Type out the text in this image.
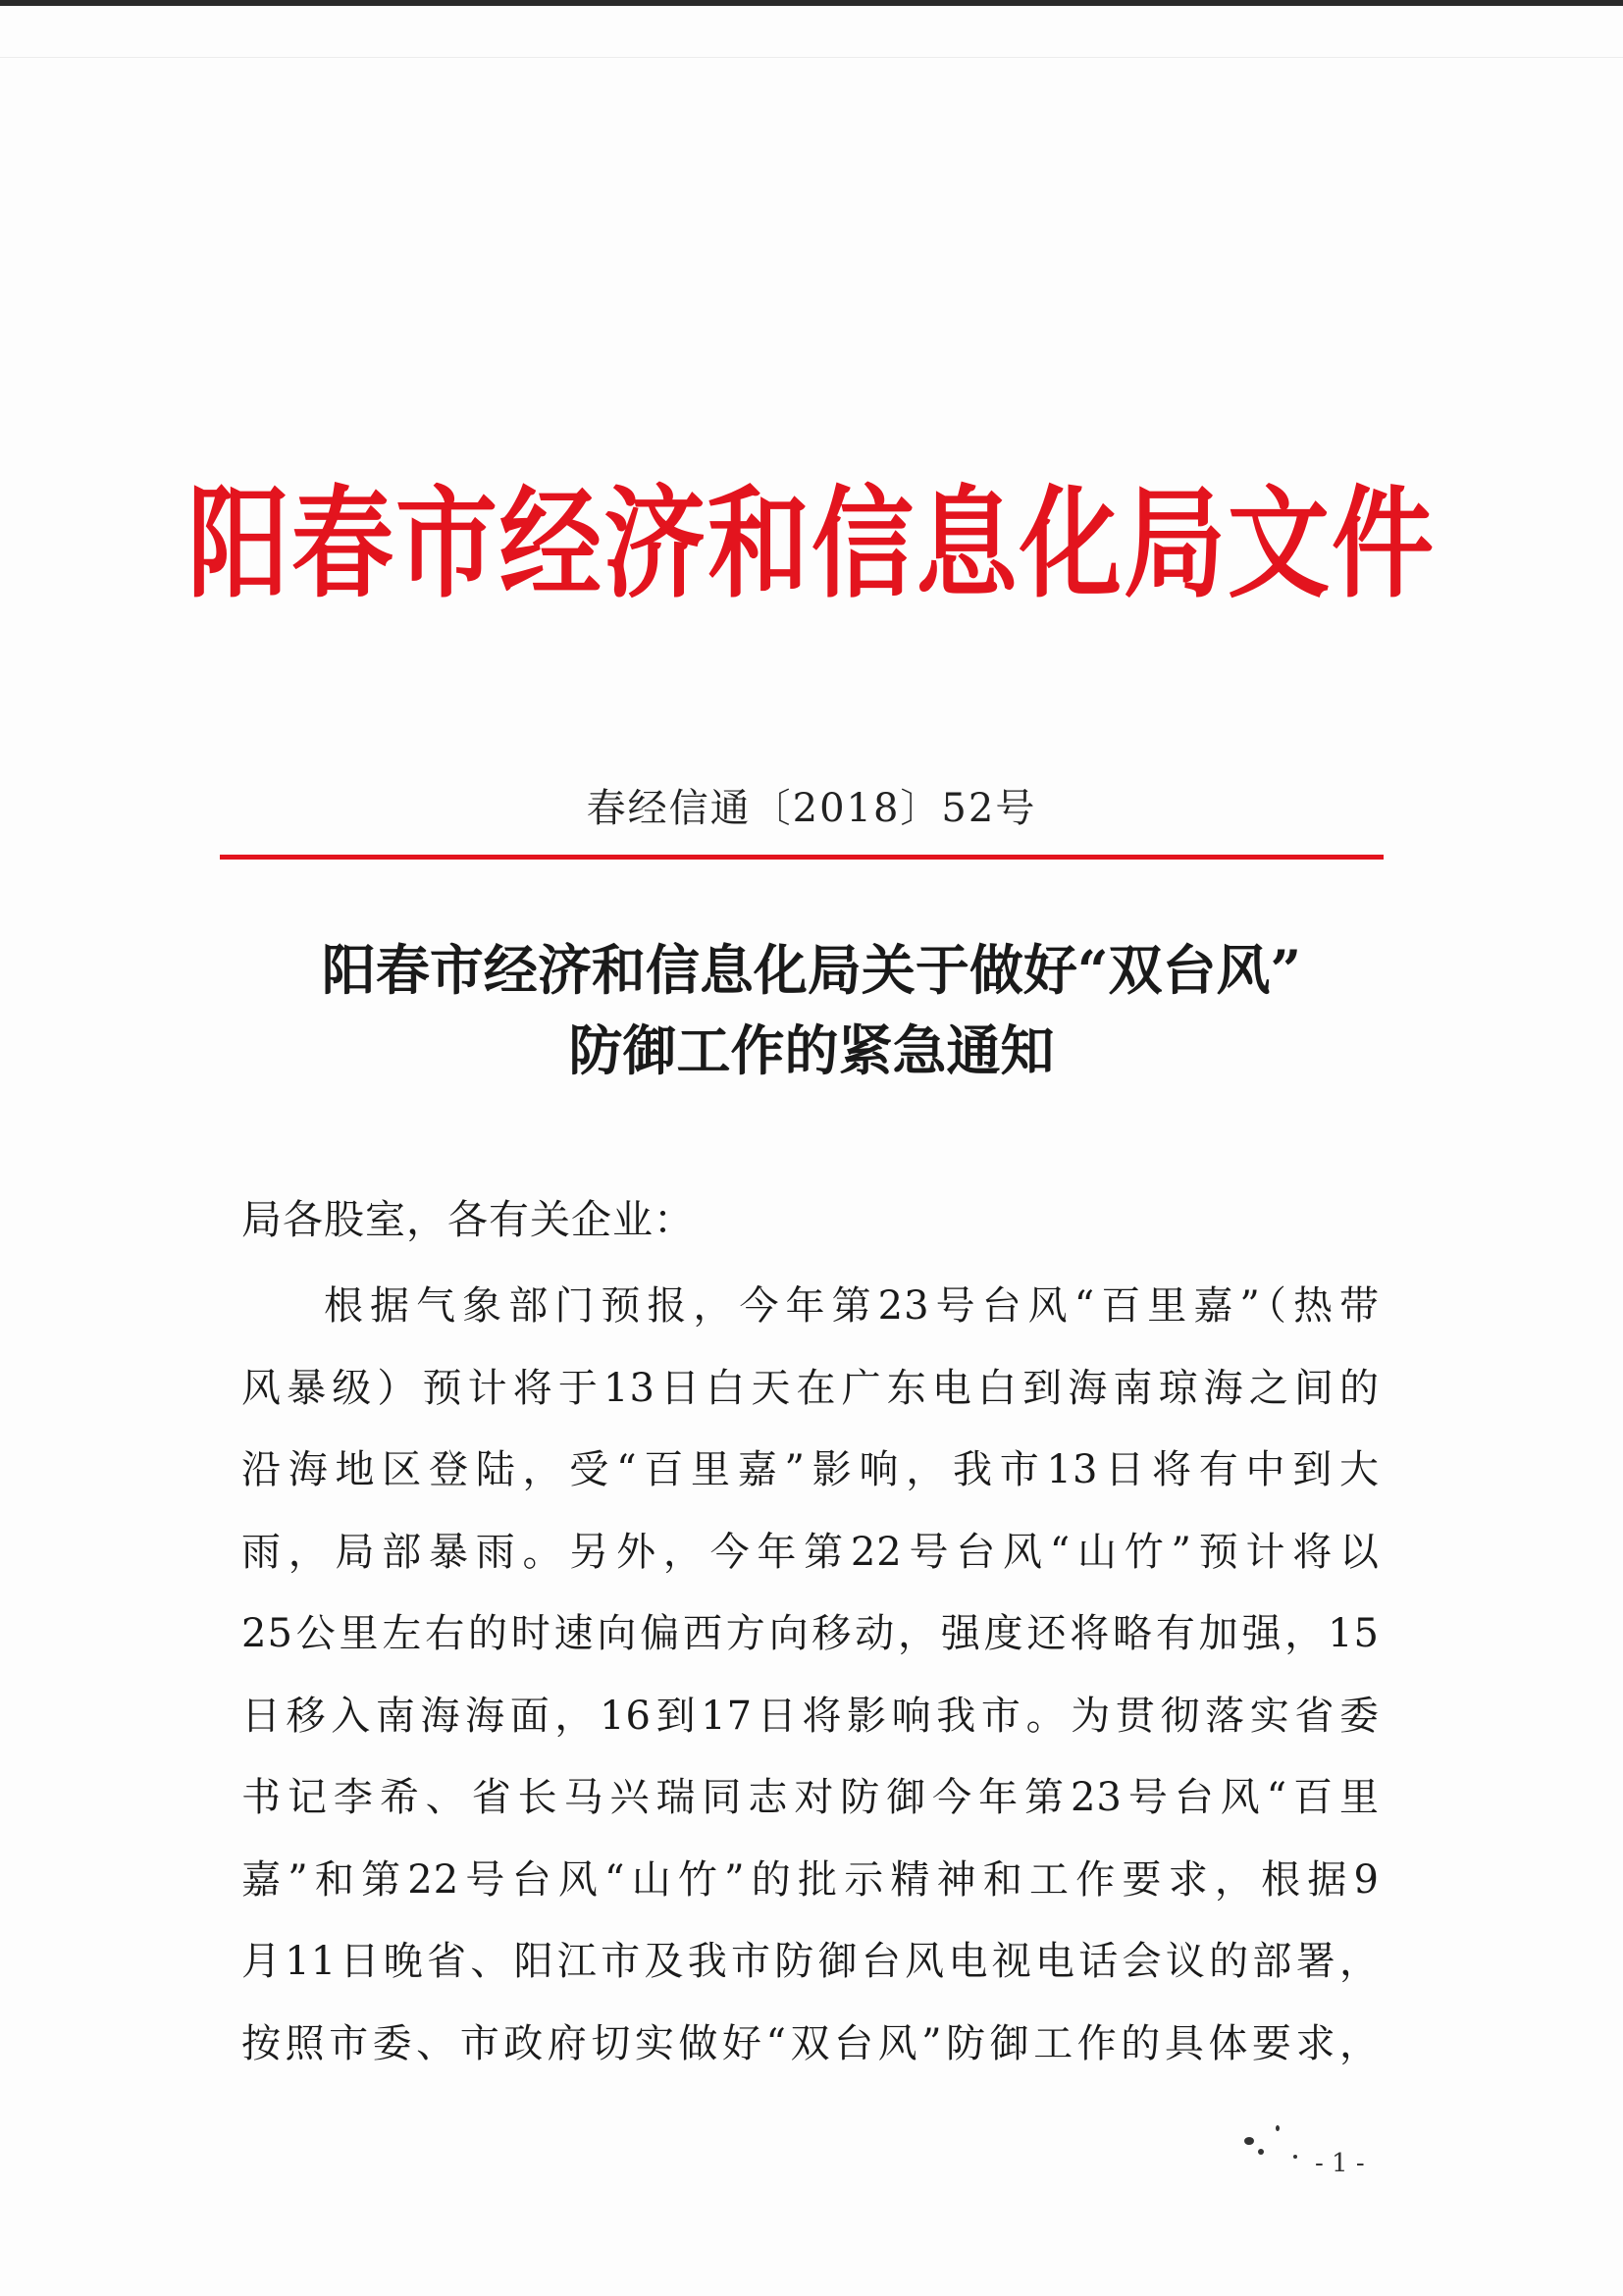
阳春市经济和信息化局文件
春经信通〔2018〕52号
阳春市经济和信息化局关于做好“双台风”
防御工作的紧急通知
局各股室，各有关企业：
根据气象部门预报，今年第23号台风“百里嘉”（热带
风暴级）预计将于13日白天在广东电白到海南琼海之间的
沿海地区登陆，受“百里嘉”影响，我市13日将有中到大
雨，局部暴雨。另外，今年第22号台风“山竹”预计将以
25公里左右的时速向偏西方向移动，强度还将略有加强，15
日移入南海海面，16到17日将影响我市。为贯彻落实省委
书记李希、省长马兴瑞同志对防御今年第23号台风“百里
嘉”和第22号台风“山竹”的批示精神和工作要求，根据9
月11日晚省、阳江市及我市防御台风电视电话会议的部署，
按照市委、市政府切实做好“双台风”防御工作的具体要求，
- 1 -
